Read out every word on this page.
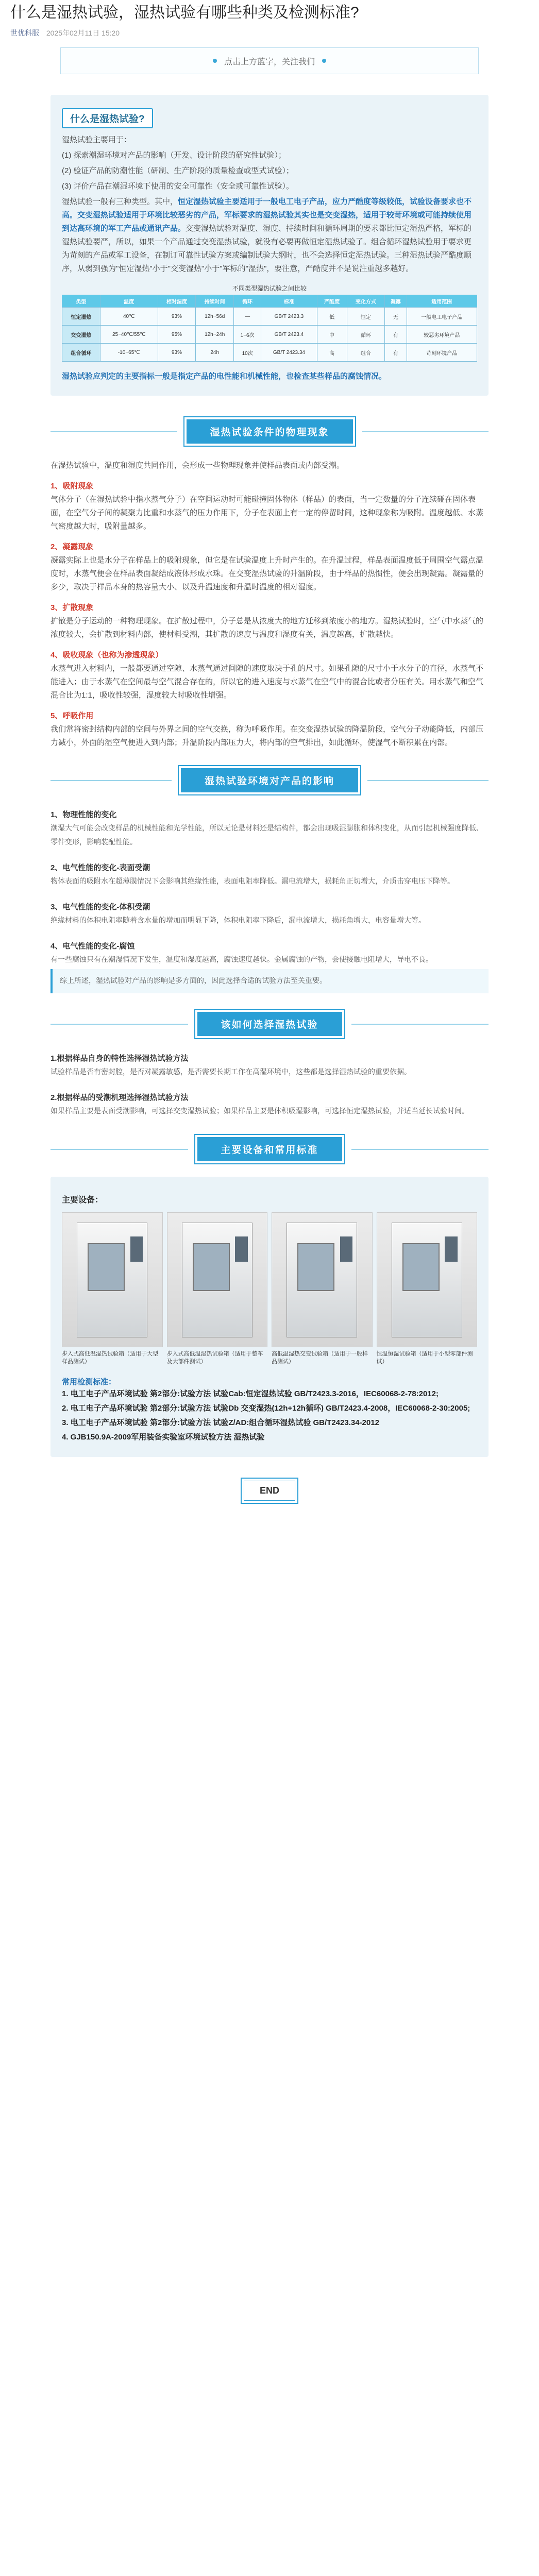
什么是湿热试验，湿热试验有哪些种类及检测标准?
世优科服 2025年02月11日 15:20
点击上方蓝字，关注我们
什么是湿热试验?

湿热试验主要用于：

(1) 探索潮湿环境对产品的影响（开发、设计阶段的研究性试验）；

(2) 验证产品的防潮性能（研制、生产阶段的质量检查或型式试验）；

(3) 评价产品在潮湿环境下使用的安全可靠性（安全或可靠性试验）。

湿热试验一般有三种类型。其中，恒定湿热试验主要适用于一般电工电子产品，应力严酷度等级较低，试验设备要求也不高。交变湿热试验适用于环境比较恶劣的产品，军标要求的湿热试验其实也是交变湿热，适用于较苛环境或可能持续使用到达高环境的军工产品或通讯产品。交变湿热试验对温度、湿度、持续时间和循环周期的要求都比恒定湿热严格，军标的湿热试验要严，所以，如果一个产品通过交变湿热试验，就没有必要再做恒定湿热试验了。组合循环湿热试验用于要求更为苛刻的产品或军工设备，在制订可靠性试验方案或编制试验大纲时，也不会选择恒定湿热试验。三种湿热试验严酷度顺序，从弱到强为"恒定湿热"小于"交变湿热"小于"军标的"湿热"，要注意，严酷度并不是说注重越多越好。

不同类型湿热试验之间比较
类型	温度	相对湿度	持续时间	循环	标准	严酷度	变化方式	凝露	适用范围
恒定湿热	40℃	93%	12h~56d	—	GB/T 2423.3	低	恒定	无	一般电工电子产品
交变湿热	25~40℃/55℃	95%	12h~24h	1~6次	GB/T 2423.4	中	循环	有	较恶劣环境产品
组合循环	-10~65℃	93%	24h	10次	GB/T 2423.34	高	组合	有	苛刻环境产品
湿热试验应判定的主要指标一般是指定产品的电性能和机械性能，也检查某些样品的腐蚀情况。
湿热试验条件的物理现象

在湿热试验中，温度和湿度共同作用，会形成一些物理现象并使样品表面或内部受潮。

1、吸附现象

气体分子（在湿热试验中指水蒸气分子）在空间运动时可能碰撞固体物体（样品）的表面，当一定数量的分子连续碰在固体表面，在空气分子间的凝聚力比重和水蒸气的压力作用下，分子在表面上有一定的停留时间，这种现象称为吸附。温度越低、水蒸气密度越大时，吸附量越多。

2、凝露现象

凝露实际上也是水分子在样品上的吸附现象，但它是在试验温度上升时产生的。在升温过程，样品表面温度低于周围空气露点温度时，水蒸气便会在样品表面凝结成液体形成水珠。在交变湿热试验的升温阶段，由于样品的热惯性，便会出现凝露。凝露量的多少，取决于样品本身的热容量大小、以及升温速度和升温时温度的相对湿度。

3、扩散现象

扩散是分子运动的一种物理现象。在扩散过程中，分子总是从浓度大的地方迁移到浓度小的地方。湿热试验时，空气中水蒸气的浓度较大，会扩散到材料内部，使材料受潮，其扩散的速度与温度和湿度有关，温度越高，扩散越快。

4、吸收现象（也称为渗透现象）

水蒸气进入材料内，一般都要通过空隙、水蒸气通过间隙的速度取决于孔的尺寸。如果孔隙的尺寸小于水分子的直径，水蒸气不能进入；由于水蒸气在空间最与空气混合存在的，所以它的进入速度与水蒸气在空气中的混合比或者分压有关。用水蒸气和空气混合比为1:1，吸收性较强，湿度较大时吸收性增强。

5、呼吸作用

我们常将密封结构内部的空间与外界之间的空气交换，称为呼吸作用。在交变湿热试验的降温阶段，空气分子动能降低，内部压力减小，外面的湿空气便进入到内部；升温阶段内部压力大，将内部的空气排出，如此循环，使湿气不断积累在内部。

湿热试验环境对产品的影响
1、物理性能的变化

潮湿大气可能会改变样品的机械性能和光学性能，所以无论是材料还是结构件，都会出现吸湿膨胀和体积变化，从而引起机械强度降低、零件变形，影响装配性能。

2、电气性能的变化-表面受潮

物体表面的吸附水在超薄膜情况下会影响其绝缘性能，表面电阻率降低。漏电流增大，损耗角正切增大，介质击穿电压下降等。

3、电气性能的变化-体积受潮

绝缘材料的体积电阻率随着含水量的增加而明显下降，体积电阻率下降后，漏电流增大，损耗角增大，电容量增大等。

4、电气性能的变化-腐蚀

有一些腐蚀只有在潮湿情况下发生，温度和湿度越高，腐蚀速度越快。金属腐蚀的产物，会使接触电阻增大，导电不良。

综上所述，湿热试验对产品的影响是多方面的，因此选择合适的试验方法至关重要。

该如何选择湿热试验
1.根据样品自身的特性选择湿热试验方法

试验样品是否有密封腔，是否对凝露敏感，是否需要长期工作在高湿环境中，这些都是选择湿热试验的重要依据。

2.根据样品的受潮机理选择湿热试验方法

如果样品主要是表面受潮影响，可选择交变湿热试验；如果样品主要是体积吸湿影响，可选择恒定湿热试验，并适当延长试验时间。

主要设备和常用标准
主要设备：
步入式高低温湿热试验箱（适用于大型样品测试）
步入式高低温湿热试验箱（适用于整车及大部件测试）
高低温湿热交变试验箱（适用于一般样品测试）
恒温恒湿试验箱（适用于小型零部件测试）
常用检测标准：

1. 电工电子产品环境试验 第2部分:试验方法 试验Cab:恒定湿热试验 GB/T2423.3-2016，IEC60068-2-78:2012;

2. 电工电子产品环境试验 第2部分:试验方法 试验Db 交变湿热(12h+12h循环) GB/T2423.4-2008，IEC60068-2-30:2005;

3. 电工电子产品环境试验 第2部分:试验方法 试验Z/AD:组合循环湿热试验 GB/T2423.34-2012

4. GJB150.9A-2009军用装备实验室环境试验方法 湿热试验

END
